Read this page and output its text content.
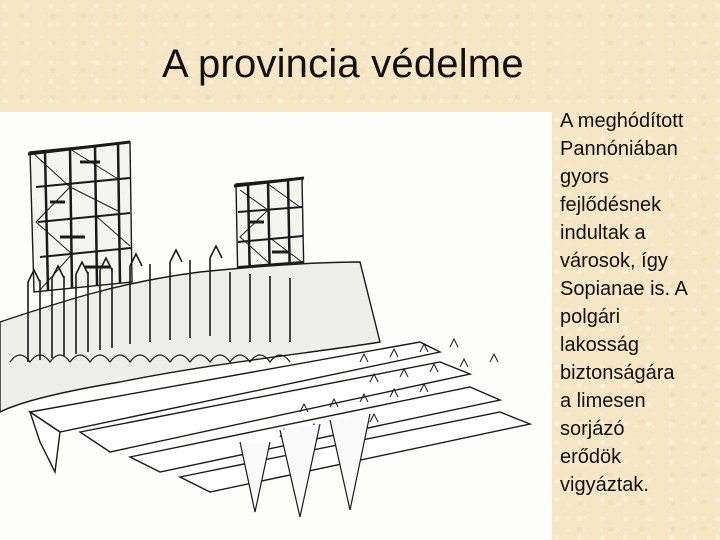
A provincia védelme
A meghódított
Pannóniában
gyors
fejlődésnek
indultak a
városok, így
Sopianae is. A
polgári
lakosság
biztonságára
a limesen
sorjázó
erődök
vigyáztak.
